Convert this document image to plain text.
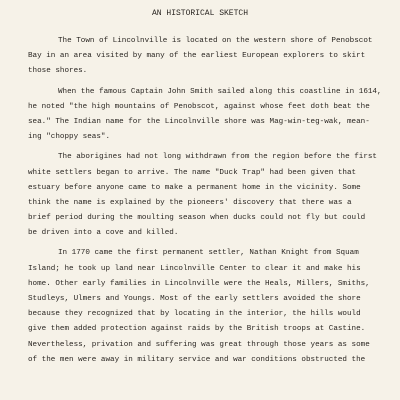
AN HISTORICAL SKETCH
The Town of Lincolnville is located on the western shore of Penobscot
Bay in an area visited by many of the earliest European explorers to skirt
those shores.
When the famous Captain John Smith sailed along this coastline in 1614,
he noted "the high mountains of Penobscot, against whose feet doth beat the
sea." The Indian name for the Lincolnville shore was Mag-win-teg-wak, mean-
ing "choppy seas".
The aborigines had not long withdrawn from the region before the first
white settlers began to arrive. The name "Duck Trap" had been given that
estuary before anyone came to make a permanent home in the vicinity. Some
think the name is explained by the pioneers' discovery that there was a
brief period during the moulting season when ducks could not fly but could
be driven into a cove and killed.
In 1770 came the first permanent settler, Nathan Knight from Squam
Island; he took up land near Lincolnville Center to clear it and make his
home. Other early families in Lincolnville were the Heals, Millers, Smiths,
Studleys, Ulmers and Youngs. Most of the early settlers avoided the shore
because they recognized that by locating in the interior, the hills would
give them added protection against raids by the British troops at Castine.
Nevertheless, privation and suffering was great through those years as some
of the men were away in military service and war conditions obstructed the
